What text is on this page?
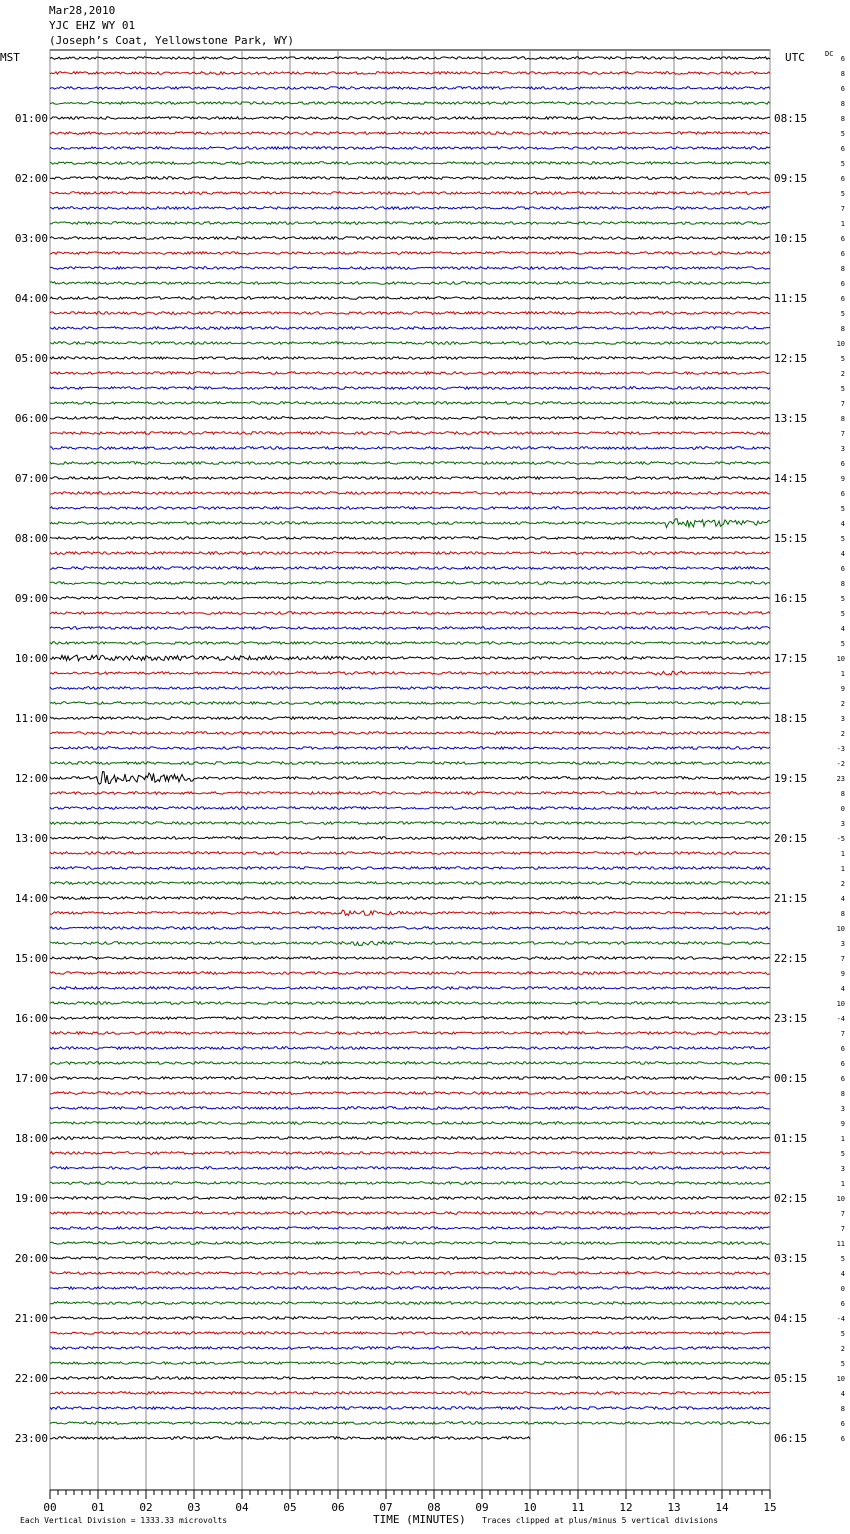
Mar28,2010
YJC EHZ WY 01
(Joseph’s Coat, Yellowstone Park, WY)
00	01	02	03	04	05	06	07	08	09	10	11	12	13	14	15
6
8
6
8
8
5
6
5
6
5
7
1
6
6
8
6
6
5
8
10
5
2
5
7
8
7
3
6
9
6
5
4
5
4
6
8
5
5
4
5
10
1
9
2
3
2
-3
-2
23
8
0
3
-5
1
1
2
4
8
10
3
7
9
4
10
-4
7
6
6
6
8
3
9
1
5
3
1
10
7
7
11
5
4
0
6
-4
5
2
5
10
4
8
6
6
01:00
02:00
03:00
04:00
05:00
06:00
07:00
08:00
09:00
10:00
11:00
12:00
13:00
14:00
15:00
16:00
17:00
18:00
19:00
20:00
21:00
22:00
23:00
08:15
09:15
10:15
11:15
12:15
13:15
14:15
15:15
16:15
17:15
18:15
19:15
20:15
21:15
22:15
23:15
00:15
01:15
02:15
03:15
04:15
05:15
06:15
MST	UTC	DC
TIME (MINUTES)
Each Vertical Division = 1333.33 microvolts	Traces clipped at plus/minus 5 vertical divisions
